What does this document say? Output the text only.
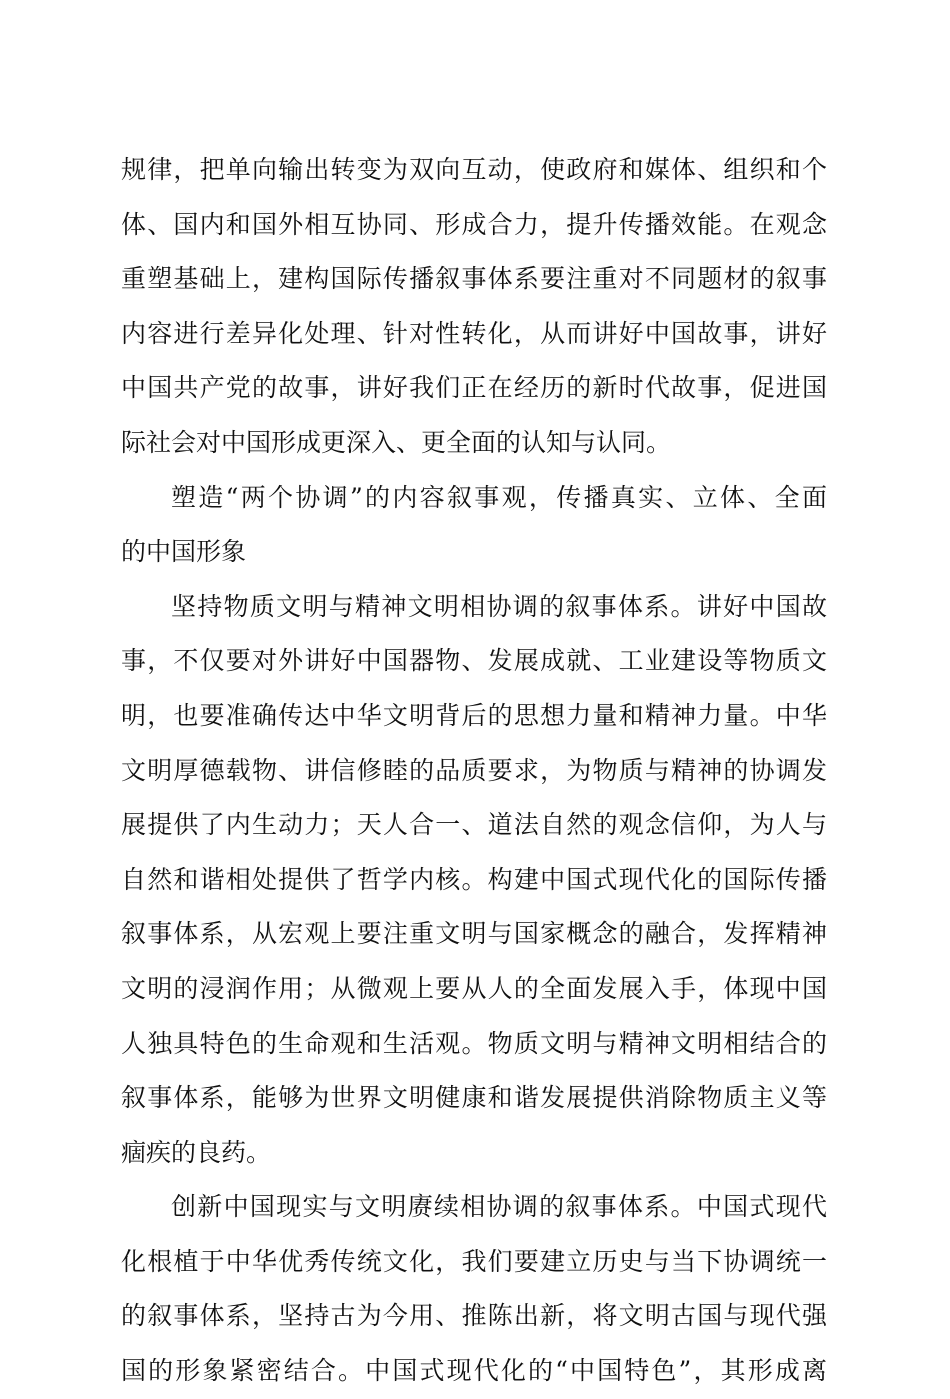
规律，把单向输出转变为双向互动，使政府和媒体、组织和个
体、国内和国外相互协同、形成合力，提升传播效能。在观念
重塑基础上，建构国际传播叙事体系要注重对不同题材的叙事
内容进行差异化处理、针对性转化，从而讲好中国故事，讲好
中国共产党的故事，讲好我们正在经历的新时代故事，促进国
际社会对中国形成更深入、更全面的认知与认同。
塑造“两个协调”的内容叙事观，传播真实、立体、全面
的中国形象
坚持物质文明与精神文明相协调的叙事体系。讲好中国故
事，不仅要对外讲好中国器物、发展成就、工业建设等物质文
明，也要准确传达中华文明背后的思想力量和精神力量。中华
文明厚德载物、讲信修睦的品质要求，为物质与精神的协调发
展提供了内生动力；天人合一、道法自然的观念信仰，为人与
自然和谐相处提供了哲学内核。构建中国式现代化的国际传播
叙事体系，从宏观上要注重文明与国家概念的融合，发挥精神
文明的浸润作用；从微观上要从人的全面发展入手，体现中国
人独具特色的生命观和生活观。物质文明与精神文明相结合的
叙事体系，能够为世界文明健康和谐发展提供消除物质主义等
痼疾的良药。
创新中国现实与文明赓续相协调的叙事体系。中国式现代
化根植于中华优秀传统文化，我们要建立历史与当下协调统一
的叙事体系，坚持古为今用、推陈出新，将文明古国与现代强
国的形象紧密结合。中国式现代化的“中国特色”，其形成离
